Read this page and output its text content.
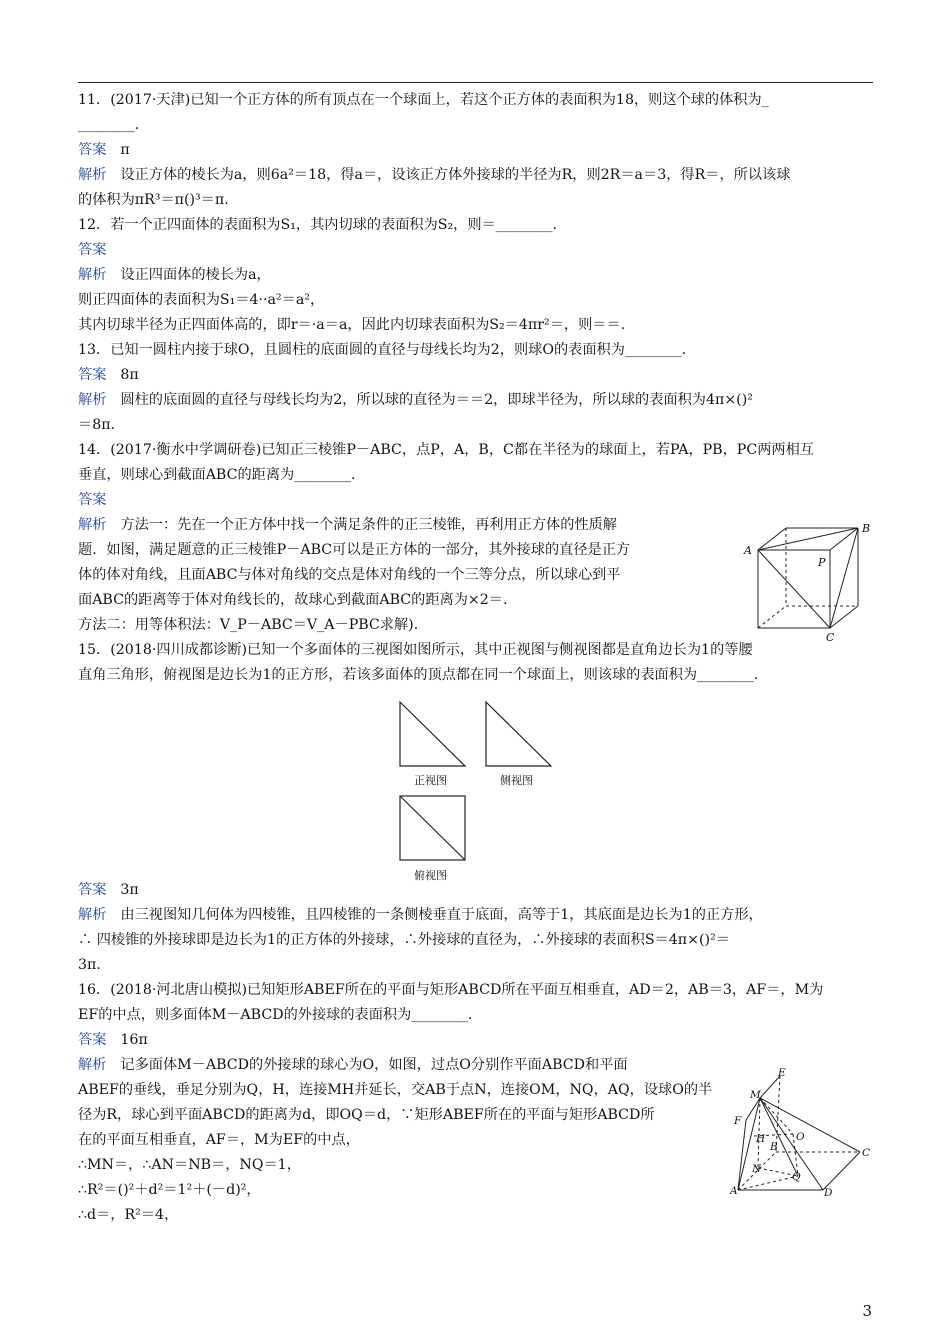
11．(2017·天津)已知一个正方体的所有顶点在一个球面上，若这个正方体的表面积为18，则这个球的体积为_
________．
答案 π
解析 设正方体的棱长为a，则6a²＝18，得a＝，设该正方体外接球的半径为R，则2R＝a＝3，得R＝，所以该球
的体积为πR³＝π()³＝π.
12．若一个正四面体的表面积为S₁，其内切球的表面积为S₂，则＝________．
答案
解析 设正四面体的棱长为a，
则正四面体的表面积为S₁＝4··a²＝a²，
其内切球半径为正四面体高的，即r＝·a＝a，因此内切球表面积为S₂＝4πr²＝，则＝＝.
13．已知一圆柱内接于球O，且圆柱的底面圆的直径与母线长均为2，则球O的表面积为________．
答案 8π
解析 圆柱的底面圆的直径与母线长均为2，所以球的直径为＝＝2，即球半径为，所以球的表面积为4π×()²
＝8π.
14．(2017·衡水中学调研卷)已知正三棱锥P－ABC，点P，A，B，C都在半径为的球面上，若PA，PB，PC两两相互
垂直，则球心到截面ABC的距离为________．
答案
解析 方法一：先在一个正方体中找一个满足条件的正三棱锥，再利用正方体的性质解
题．如图，满足题意的正三棱锥P－ABC可以是正方体的一部分，其外接球的直径是正方
体的体对角线，且面ABC与体对角线的交点是体对角线的一个三等分点，所以球心到平
面ABC的距离等于体对角线长的，故球心到截面ABC的距离为×2＝.
方法二：用等体积法：V_P－ABC＝V_A－PBC求解)．
15．(2018·四川成都诊断)已知一个多面体的三视图如图所示，其中正视图与侧视图都是直角边长为1的等腰
直角三角形，俯视图是边长为1的正方形，若该多面体的顶点都在同一个球面上，则该球的表面积为________．
答案 3π
解析 由三视图知几何体为四棱锥，且四棱锥的一条侧棱垂直于底面，高等于1，其底面是边长为1的正方形，
∴ 四棱锥的外接球即是边长为1的正方体的外接球，∴外接球的直径为，∴外接球的表面积S＝4π×()²＝
3π.
16．(2018·河北唐山模拟)已知矩形ABEF所在的平面与矩形ABCD所在平面互相垂直，AD＝2，AB＝3，AF＝，M为
EF的中点，则多面体M－ABCD的外接球的表面积为________．
答案 16π
解析 记多面体M－ABCD的外接球的球心为O，如图，过点O分别作平面ABCD和平面
ABEF的垂线，垂足分别为Q，H，连接MH并延长，交AB于点N，连接OM，NQ，AQ，设球O的半
径为R，球心到平面ABCD的距离为d，即OQ＝d，∵矩形ABEF所在的平面与矩形ABCD所
在的平面互相垂直，AF＝，M为EF的中点，
∴MN＝，∴AN＝NB＝，NQ＝1，
∴R²＝()²＋d²＝1²＋(－d)²，
∴d＝，R²＝4，
A
B
P
C
正视图	侧视图
俯视图
E
M
F
H	O
B
N
Q
C
A	D
3
